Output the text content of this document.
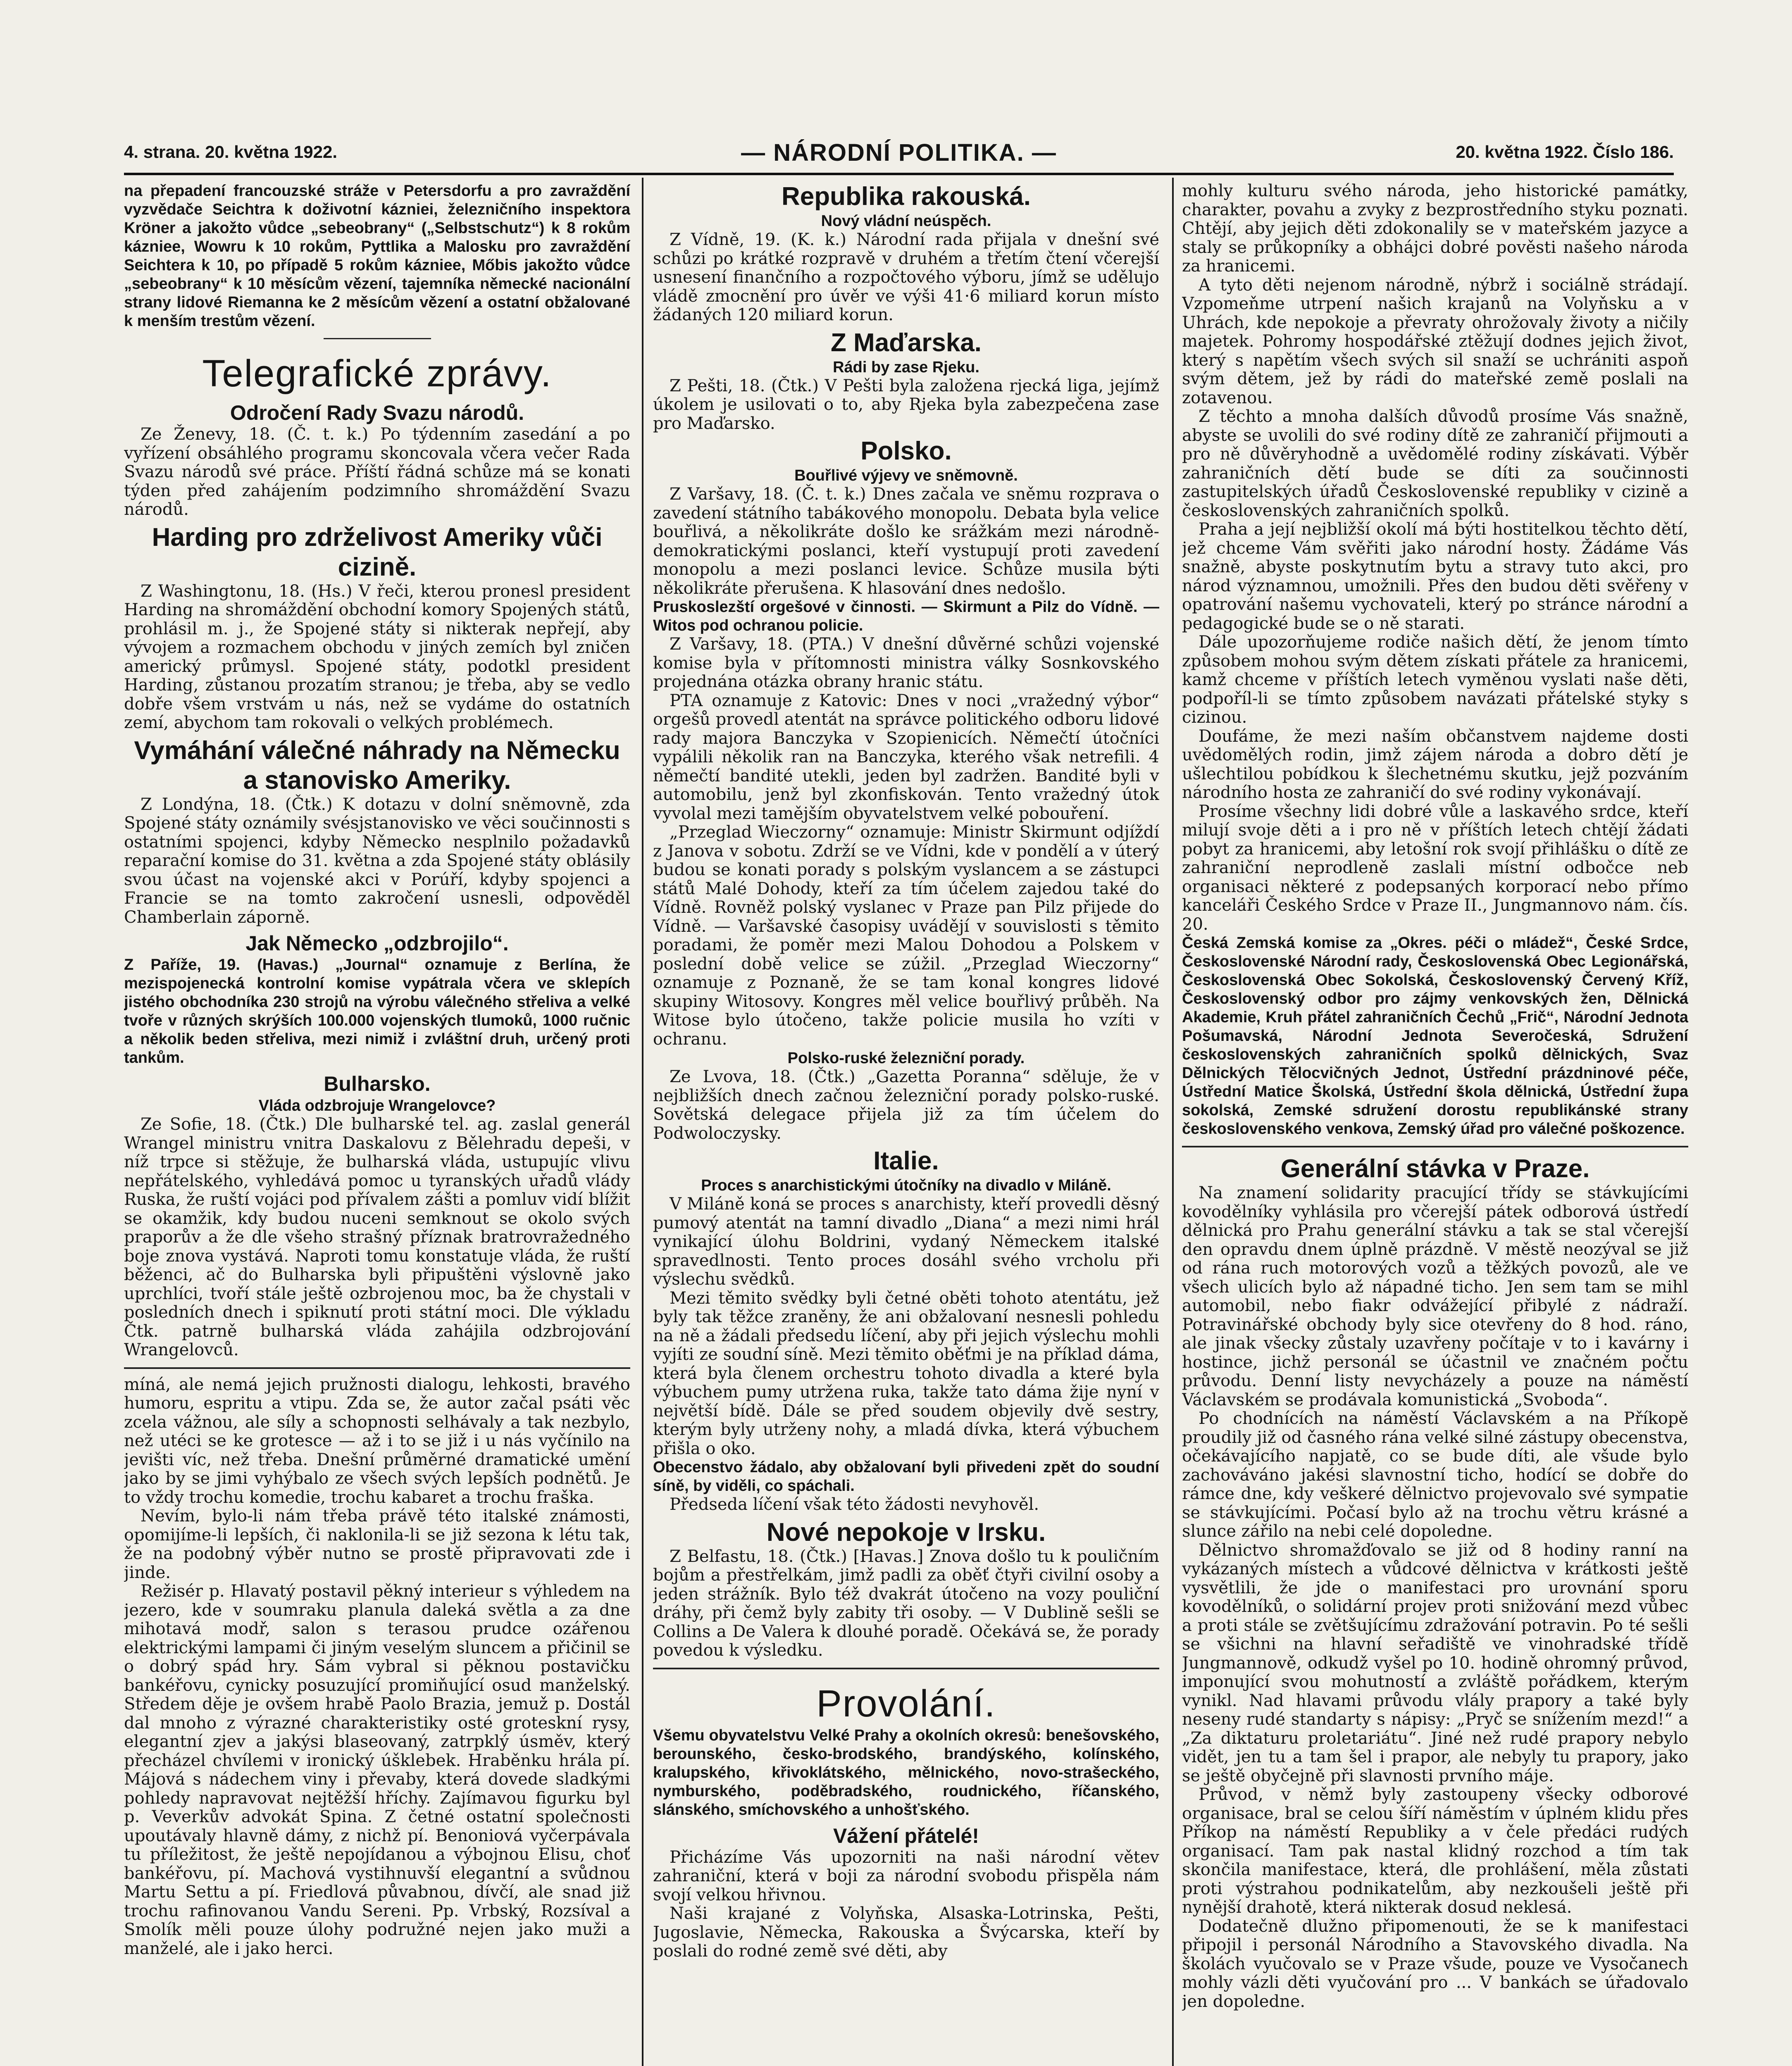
4. strana. 20. května 1922.	— NÁRODNÍ POLITIKA. —	20. května 1922. Číslo 186.
na přepadení francouzské stráže v Petersdorfu a pro zavraždění vyzvědače Seichtra k doživotní kázniei, železničního inspektora Kröner a jakožto vůdce „sebeobrany“ („Selbstschutz“) k 8 rokům kázniee, Wowru k 10 rokům, Pyttlika a Malosku pro zavraždění Seichtera k 10, po případě 5 rokům kázniee, Mőbis jakožto vůdce „sebeobrany“ k 10 měsícům vězení, tajemníka německé nacionální strany lidové Riemanna ke 2 měsícům vězení a ostatní obžalované k menším trestům vězení.
Telegrafické zprávy.
Odročení Rady Svazu národů.

Ze Ženevy, 18. (Č. t. k.) Po týdenním zasedání a po vyřízení obsáhlého programu skoncovala včera večer Rada Svazu národů své práce. Příští řádná schůze má se konati týden před zahájením podzimního shromáždění Svazu národů.

Harding pro zdrželivost Ameriky vůči cizině.

Z Washingtonu, 18. (Hs.) V řeči, kterou pronesl president Harding na shromáždění obchodní komory Spojených států, prohlásil m. j., že Spojené státy si nikterak nepřejí, aby vývojem a rozmachem obchodu v jiných zemích byl zničen americký průmysl. Spojené státy, podotkl president Harding, zůstanou prozatím stranou; je třeba, aby se vedlo dobře všem vrstvám u nás, než se vydáme do ostatních zemí, abychom tam rokovali o velkých problémech.

Vymáhání válečné náhrady na Německu a stanovisko Ameriky.

Z Londýna, 18. (Čtk.) K dotazu v dolní sněmovně, zda Spojené státy oznámily svésjstanovisko ve věci součinnosti s ostatními spojenci, kdyby Německo nesplnilo požadavků reparační komise do 31. května a zda Spojené státy oblásily svou účast na vojenské akci v Porúří, kdyby spojenci a Francie se na tomto zakročení usnesli, odpověděl Chamberlain záporně.

Jak Německo „odzbrojilo“.
Z Paříže, 19. (Havas.) „Journal“ oznamuje z Berlína, že mezispojenecká kontrolní komise vypátrala včera ve sklepích jistého obchodníka 230 strojů na výrobu válečného střeliva a velké tvoře v různých skrýších 100.000 vojenských tlumoků, 1000 ručnic a několik beden střeliva, mezi nimiž i zvláštní druh, určený proti tankům.
Bulharsko.
Vláda odzbrojuje Wrangelovce?

Ze Sofie, 18. (Čtk.) Dle bulharské tel. ag. zaslal generál Wrangel ministru vnitra Daskalovu z Bělehradu depeši, v níž trpce si stěžuje, že bulharská vláda, ustupujíc vlivu nepřátelského, vyhledává pomoc u tyranských uřadů vlády Ruska, že ruští vojáci pod přívalem zášti a pomluv vidí blížit se okamžik, kdy budou nuceni semknout se okolo svých praporův a že dle všeho strašný příznak bratrovražedného boje znova vystává. Naproti tomu konstatuje vláda, že ruští běženci, ač do Bulharska byli připuštěni výslovně jako uprchlíci, tvoří stále ještě ozbrojenou moc, ba že chystali v posledních dnech i spiknutí proti státní moci. Dle výkladu Čtk. patrně bulharská vláda zahájila odzbrojování Wrangelovců.

míná, ale nemá jejich pružnosti dialogu, lehkosti, bravého humoru, espritu a vtipu. Zda se, že autor začal psáti věc zcela vážnou, ale síly a schopnosti selhávaly a tak nezbylo, než utéci se ke grotesce — až i to se již i u nás vyčínilo na jevišti víc, než třeba. Dnešní průměrné dramatické umění jako by se jimi vyhýbalo ze všech svých lepších podnětů. Je to vždy trochu komedie, trochu kabaret a trochu fraška.

Nevím, bylo-li nám třeba právě této italské známosti, opomijíme-li lepších, či naklonila-li se již sezona k létu tak, že na podobný výběr nutno se prostě připravovati zde i jinde.

Režisér p. Hlavatý postavil pěkný interieur s výhledem na jezero, kde v soumraku planula daleká světla a za dne mihotavá modř, salon s terasou prudce ozářenou elektrickými lampami či jiným veselým sluncem a přičinil se o dobrý spád hry. Sám vybral si pěknou postavičku bankéřovu, cynicky posuzující promiňující osud manželský. Středem děje je ovšem hrabě Paolo Brazia, jemuž p. Dostál dal mnoho z výrazné charakteristiky osté groteskní rysy, elegantní zjev a jakýsi blaseovaný, zatrpklý úsměv, který přecházel chvílemi v ironický úšklebek. Hraběnku hrála pí. Májová s nádechem viny i převaby, která dovede sladkými pohledy napravovat nejtěžší hříchy. Zajímavou figurku byl p. Veverkův advokát Spina. Z četné ostatní společnosti upoutávaly hlavně dámy, z nichž pí. Benoniová vyčerpávala tu příležitost, že ještě nepojídanou a výbojnou Elisu, choť bankéřovu, pí. Machová vystihnuvší elegantní a svůdnou Martu Settu a pí. Friedlová půvabnou, dívčí, ale snad již trochu rafinovanou Vandu Sereni. Pp. Vrbský, Rozsíval a Smolík měli pouze úlohy podružné nejen jako muži a manželé, ale i jako herci.

Republika rakouská.
Nový vládní neúspěch.

Z Vídně, 19. (K. k.) Národní rada přijala v dnešní své schůzi po krátké rozpravě v druhém a třetím čtení včerejší usnesení finančního a rozpočtového výboru, jímž se udělujo vládě zmocnění pro úvěr ve výši 41·6 miliard korun místo žádaných 120 miliard korun.

Z Maďarska.
Rádi by zase Rjeku.

Z Pešti, 18. (Čtk.) V Pešti byla založena rjecká liga, jejímž úkolem je usilovati o to, aby Rjeka byla zabezpečena zase pro Maďarsko.

Polsko.
Bouřlivé výjevy ve sněmovně.

Z Varšavy, 18. (Č. t. k.) Dnes začala ve sněmu rozprava o zavedení státního tabákového monopolu. Debata byla velice bouřlivá, a několikráte došlo ke srážkám mezi národně-demokratickými poslanci, kteří vystupují proti zavedení monopolu a mezi poslanci levice. Schůze musila býti několikráte přerušena. K hlasování dnes nedošlo.

Pruskoslezští orgešové v činnosti. — Skirmunt a Pilz do Vídně. — Witos pod ochranou policie.

Z Varšavy, 18. (PTA.) V dnešní důvěrné schůzi vojenské komise byla v přítomnosti ministra války Sosnkovského projednána otázka obrany hranic státu.

PTA oznamuje z Katovic: Dnes v noci „vražedný výbor“ orgešů provedl atentát na správce politického odboru lidové rady majora Banczyka v Szopienicích. Němečtí útočníci vypálili několik ran na Banczyka, kterého však netrefili. 4 němečtí bandité utekli, jeden byl zadržen. Bandité byli v automobilu, jenž byl zkonfiskován. Tento vražedný útok vyvolal mezi tamějším obyvatelstvem velké pobouření.

„Przeglad Wieczorny“ oznamuje: Ministr Skirmunt odjíždí z Janova v sobotu. Zdrží se ve Vídni, kde v pondělí a v úterý budou se konati porady s polským vyslancem a se zástupci států Malé Dohody, kteří za tím účelem zajedou také do Vídně. Rovněž polský vyslanec v Praze pan Pilz přijede do Vídně. — Varšavské časopisy uvádějí v souvislosti s těmito poradami, že poměr mezi Malou Dohodou a Polskem v poslední době velice se zúžil. „Przeglad Wieczorny“ oznamuje z Poznaně, že se tam konal kongres lidové skupiny Witosovy. Kongres měl velice bouřlivý průběh. Na Witose bylo útočeno, takže policie musila ho vzíti v ochranu.

Polsko-ruské železniční porady.

Ze Lvova, 18. (Čtk.) „Gazetta Poranna“ sděluje, že v nejbližších dnech začnou železniční porady polsko-ruské. Sovětská delegace přijela již za tím účelem do Podwoloczysky.

Italie.
Proces s anarchistickými útočníky na divadlo v Miláně.

V Miláně koná se proces s anarchisty, kteří provedli děsný pumový atentát na tamní divadlo „Diana“ a mezi nimi hrál vynikající úlohu Boldrini, vydaný Německem italské spravedlnosti. Tento proces dosáhl svého vrcholu při výslechu svědků.

Mezi těmito svědky byli četné oběti tohoto atentátu, jež byly tak těžce zraněny, že ani obžalovaní nesnesli pohledu na ně a žádali předsedu líčení, aby při jejich výslechu mohli vyjíti ze soudní síně. Mezi těmito oběťmi je na příklad dáma, která byla členem orchestru tohoto divadla a které byla výbuchem pumy utržena ruka, takže tato dáma žije nyní v největší bídě. Dále se před soudem objevily dvě sestry, kterým byly utrženy nohy, a mladá dívka, která výbuchem přišla o oko.

Obecenstvo žádalo, aby obžalovaní byli přivedeni zpět do soudní síně, by viděli, co spáchali.

Předseda líčení však této žádosti nevyhověl.

Nové nepokoje v Irsku.

Z Belfastu, 18. (Čtk.) [Havas.] Znova došlo tu k pouličním bojům a přestřelkám, jimž padli za oběť čtyři civilní osoby a jeden strážník. Bylo též dvakrát útočeno na vozy pouliční dráhy, při čemž byly zabity tři osoby. — V Dublině sešli se Collins a De Valera k dlouhé poradě. Očekává se, že porady povedou k výsledku.

Provolání.
Všemu obyvatelstvu Velké Prahy a okolních okresů: benešovského, berounského, česko-brodského, brandýského, kolínského, kralupského, křivoklátského, mělnického, novo-strašeckého, nymburského, poděbradského, roudnického, říčanského, slánského, smíchovského a unhošťského.
Vážení přátelé!

Přicházíme Vás upozorniti na naši národní větev zahraniční, která v boji za národní svobodu přispěla nám svojí velkou hřivnou.

Naši krajané z Volyňska, Alsaska-Lotrinska, Pešti, Jugoslavie, Německa, Rakouska a Švýcarska, kteří by poslali do rodné země své děti, aby

mohly kulturu svého národa, jeho historické památky, charakter, povahu a zvyky z bezprostředního styku poznati. Chtějí, aby jejich děti zdokonalily se v mateřském jazyce a staly se průkopníky a obhájci dobré pověsti našeho národa za hranicemi.

A tyto děti nejenom národně, nýbrž i sociálně strádají. Vzpomeňme utrpení našich krajanů na Volyňsku a v Uhrách, kde nepokoje a převraty ohrožovaly životy a ničily majetek. Pohromy hospodářské ztěžují dodnes jejich život, který s napětím všech svých sil snaží se uchrániti aspoň svým dětem, jež by rádi do mateřské země poslali na zotavenou.

Z těchto a mnoha dalších důvodů prosíme Vás snažně, abyste se uvolili do své rodiny dítě ze zahraničí přijmouti a pro ně důvěryhodně a uvědomělé rodiny získávati. Výběr zahraničních dětí bude se díti za součinnosti zastupitelských úřadů Československé republiky v cizině a československých zahraničních spolků.

Praha a její nejbližší okolí má býti hostitelkou těchto dětí, jež chceme Vám svěřiti jako národní hosty. Žádáme Vás snažně, abyste poskytnutím bytu a stravy tuto akci, pro národ významnou, umožnili. Přes den budou děti svěřeny v opatrování našemu vychovateli, který po stránce národní a pedagogické bude se o ně starati.

Dále upozorňujeme rodiče našich dětí, že jenom tímto způsobem mohou svým dětem získati přátele za hranicemi, kamž chceme v příštích letech vyměnou vyslati naše děti, podpoříl-li se tímto způsobem navázati přátelské styky s cizinou.

Doufáme, že mezi naším občanstvem najdeme dosti uvědomělých rodin, jimž zájem národa a dobro dětí je ušlechtilou pobídkou k šlechetnému skutku, jejž pozváním národního hosta ze zahraničí do své rodiny vykonávají.

Prosíme všechny lidi dobré vůle a laskavého srdce, kteří milují svoje děti a i pro ně v příštích letech chtějí žádati pobyt za hranicemi, aby letošní rok svojí přihlášku o dítě ze zahraniční neprodleně zaslali místní odbočce neb organisaci některé z podepsaných korporací nebo přímo kanceláři Českého Srdce v Praze II., Jungmannovo nám. čís. 20.

Česká Zemská komise za „Okres. péči o mládež“, České Srdce, Československé Národní rady, Československá Obec Legionářská, Československá Obec Sokolská, Československý Červený Kříž, Československý odbor pro zájmy venkovských žen, Dělnická Akademie, Kruh přátel zahraničních Čechů „Frič“, Národní Jednota Pošumavská, Národní Jednota Severočeská, Sdružení československých zahraničních spolků dělnických, Svaz Dělnických Tělocvičných Jednot, Ústřední prázdninové péče, Ústřední Matice Školská, Ústřední škola dělnická, Ústřední župa sokolská, Zemské sdružení dorostu republikánské strany československého venkova, Zemský úřad pro válečné poškozence.
Generální stávka v Praze.

Na znamení solidarity pracující třídy se stávkujícími kovodělníky vyhlásila pro včerejší pátek odborová ústředí dělnická pro Prahu generální stávku a tak se stal včerejší den opravdu dnem úplně prázdně. V městě neozýval se již od rána ruch motorových vozů a těžkých povozů, ale ve všech ulicích bylo až nápadné ticho. Jen sem tam se mihl automobil, nebo fiakr odvážející přibylé z nádraží. Potravinářské obchody byly sice otevřeny do 8 hod. ráno, ale jinak všecky zůstaly uzavřeny počítaje v to i kavárny i hostince, jichž personál se účastnil ve značném počtu průvodu. Denní listy nevycházely a pouze na náměstí Václavském se prodávala komunistická „Svoboda“.

Po chodnících na náměstí Václavském a na Příkopě proudily již od časného rána velké silné zástupy obecenstva, očekávajícího napjatě, co se bude díti, ale všude bylo zachováváno jakési slavnostní ticho, hodící se dobře do rámce dne, kdy veškeré dělnictvo projevovalo své sympatie se stávkujícími. Počasí bylo až na trochu větru krásné a slunce zářilo na nebi celé dopoledne.

Dělnictvo shromažďovalo se již od 8 hodiny ranní na vykázaných místech a vůdcové dělnictva v krátkosti ještě vysvětlili, že jde o manifestaci pro urovnání sporu kovodělníků, o solidární projev proti snižování mezd vůbec a proti stále se zvětšujícímu zdražování potravin. Po té sešli se všichni na hlavní seřadiště ve vinohradské třídě Jungmannově, odkudž vyšel po 10. hodině ohromný průvod, imponující svou mohutností a zvláště pořádkem, kterým vynikl. Nad hlavami průvodu vlály prapory a také byly neseny rudé standarty s nápisy: „Pryč se snížením mezd!“ a „Za diktaturu proletariátu“. Jiné než rudé prapory nebylo vidět, jen tu a tam šel i prapor, ale nebyly tu prapory, jako se ještě obyčejně při slavnosti prvního máje.

Průvod, v němž byly zastoupeny všecky odborové organisace, bral se celou šíří náměstím v úplném klidu přes Příkop na náměstí Republiky a v čele předáci rudých organisací. Tam pak nastal klidný rozchod a tím tak skončila manifestace, která, dle prohlášení, měla zůstati proti výstrahou podnikatelům, aby nezkoušeli ještě při nynější drahotě, která nikterak dosud neklesá.

Dodatečně dlužno připomenouti, že se k manifestaci připojil i personál Národního a Stavovského divadla. Na školách vyučovalo se v Praze všude, pouze ve Vysočanech mohly vázli děti vyučování pro ... V bankách se úřadovalo jen dopoledne.
